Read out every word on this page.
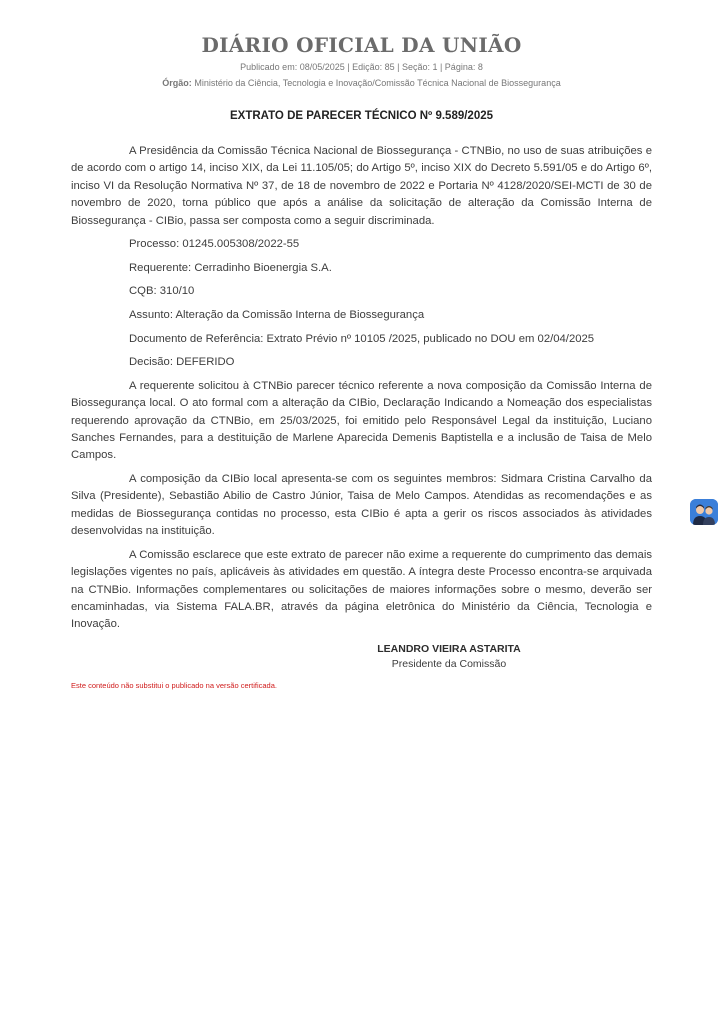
DIÁRIO OFICIAL DA UNIÃO
Publicado em: 08/05/2025 | Edição: 85 | Seção: 1 | Página: 8
Órgão: Ministério da Ciência, Tecnologia e Inovação/Comissão Técnica Nacional de Biossegurança
EXTRATO DE PARECER TÉCNICO Nº 9.589/2025

A Presidência da Comissão Técnica Nacional de Biossegurança - CTNBio, no uso de suas atribuições e de acordo com o artigo 14, inciso XIX, da Lei 11.105/05; do Artigo 5º, inciso XIX do Decreto 5.591/05 e do Artigo 6º, inciso VI da Resolução Normativa Nº 37, de 18 de novembro de 2022 e Portaria Nº 4128/2020/SEI-MCTI de 30 de novembro de 2020, torna público que após a análise da solicitação de alteração da Comissão Interna de Biossegurança - CIBio, passa ser composta como a seguir discriminada.

Processo: 01245.005308/2022-55

Requerente: Cerradinho Bioenergia S.A.

CQB: 310/10

Assunto: Alteração da Comissão Interna de Biossegurança

Documento de Referência: Extrato Prévio nº 10105 /2025, publicado no DOU em 02/04/2025

Decisão: DEFERIDO

A requerente solicitou à CTNBio parecer técnico referente a nova composição da Comissão Interna de Biossegurança local. O ato formal com a alteração da CIBio, Declaração Indicando a Nomeação dos especialistas requerendo aprovação da CTNBio, em 25/03/2025, foi emitido pelo Responsável Legal da instituição, Luciano Sanches Fernandes, para a destituição de Marlene Aparecida Demenis Baptistella e a inclusão de Taisa de Melo Campos.

A composição da CIBio local apresenta-se com os seguintes membros: Sidmara Cristina Carvalho da Silva (Presidente), Sebastião Abilio de Castro Júnior, Taisa de Melo Campos. Atendidas as recomendações e as medidas de Biossegurança contidas no processo, esta CIBio é apta a gerir os riscos associados às atividades desenvolvidas na instituição.

A Comissão esclarece que este extrato de parecer não exime a requerente do cumprimento das demais legislações vigentes no país, aplicáveis às atividades em questão. A íntegra deste Processo encontra-se arquivada na CTNBio. Informações complementares ou solicitações de maiores informações sobre o mesmo, deverão ser encaminhadas, via Sistema FALA.BR, através da página eletrônica do Ministério da Ciência, Tecnologia e Inovação.

LEANDRO VIEIRA ASTARITA
Presidente da Comissão
Este conteúdo não substitui o publicado na versão certificada.
